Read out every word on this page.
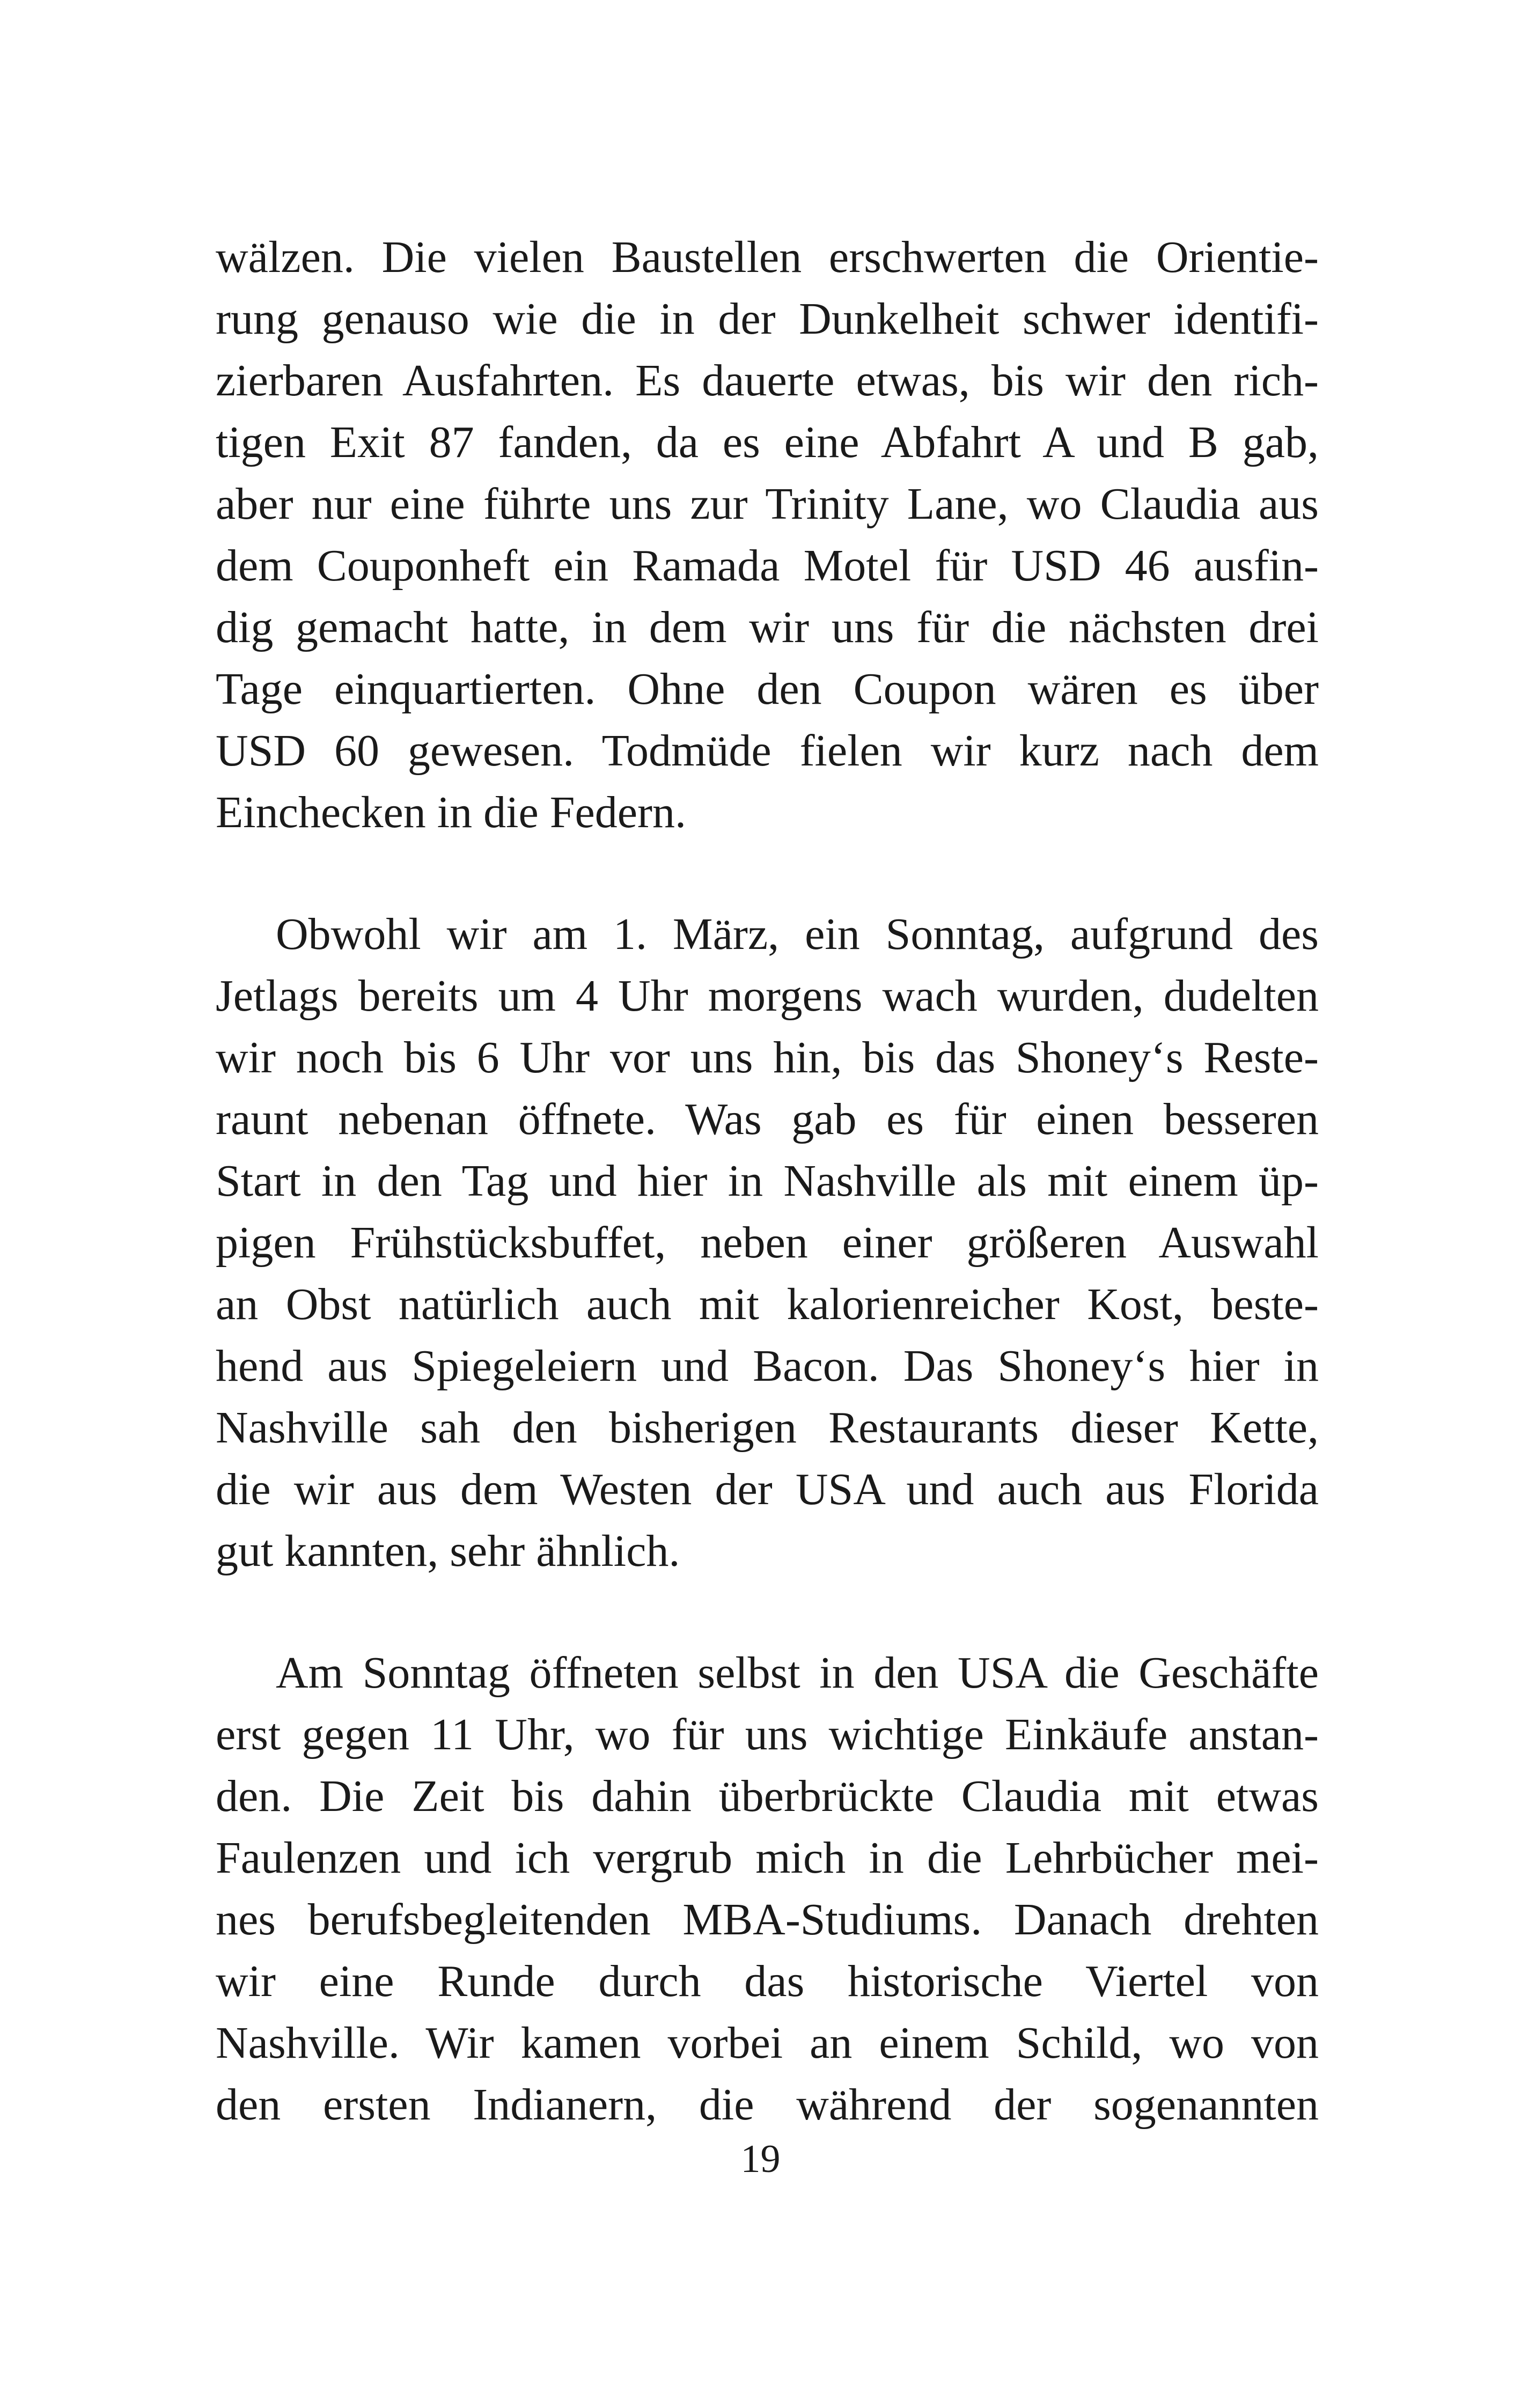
wälzen. Die vielen Baustellen erschwerten die Orientie-
rung genauso wie die in der Dunkelheit schwer identifi-
zierbaren Ausfahrten. Es dauerte etwas, bis wir den rich-
tigen Exit 87 fanden, da es eine Abfahrt A und B gab,
aber nur eine führte uns zur Trinity Lane, wo Claudia aus
dem Couponheft ein Ramada Motel für USD 46 ausfin-
dig gemacht hatte, in dem wir uns für die nächsten drei
Tage einquartierten. Ohne den Coupon wären es über
USD 60 gewesen. Todmüde fielen wir kurz nach dem
Einchecken in die Federn.
Obwohl wir am 1. März, ein Sonntag, aufgrund des
Jetlags bereits um 4 Uhr morgens wach wurden, dudelten
wir noch bis 6 Uhr vor uns hin, bis das Shoney‘s Reste-
raunt nebenan öffnete. Was gab es für einen besseren
Start in den Tag und hier in Nashville als mit einem üp-
pigen Frühstücksbuffet, neben einer größeren Auswahl
an Obst natürlich auch mit kalorienreicher Kost, beste-
hend aus Spiegeleiern und Bacon. Das Shoney‘s hier in
Nashville sah den bisherigen Restaurants dieser Kette,
die wir aus dem Westen der USA und auch aus Florida
gut kannten, sehr ähnlich.
Am Sonntag öffneten selbst in den USA die Geschäfte
erst gegen 11 Uhr, wo für uns wichtige Einkäufe anstan-
den. Die Zeit bis dahin überbrückte Claudia mit etwas
Faulenzen und ich vergrub mich in die Lehrbücher mei-
nes berufsbegleitenden MBA-Studiums. Danach drehten
wir eine Runde durch das historische Viertel von
Nashville. Wir kamen vorbei an einem Schild, wo von
den ersten Indianern, die während der sogenannten
19
